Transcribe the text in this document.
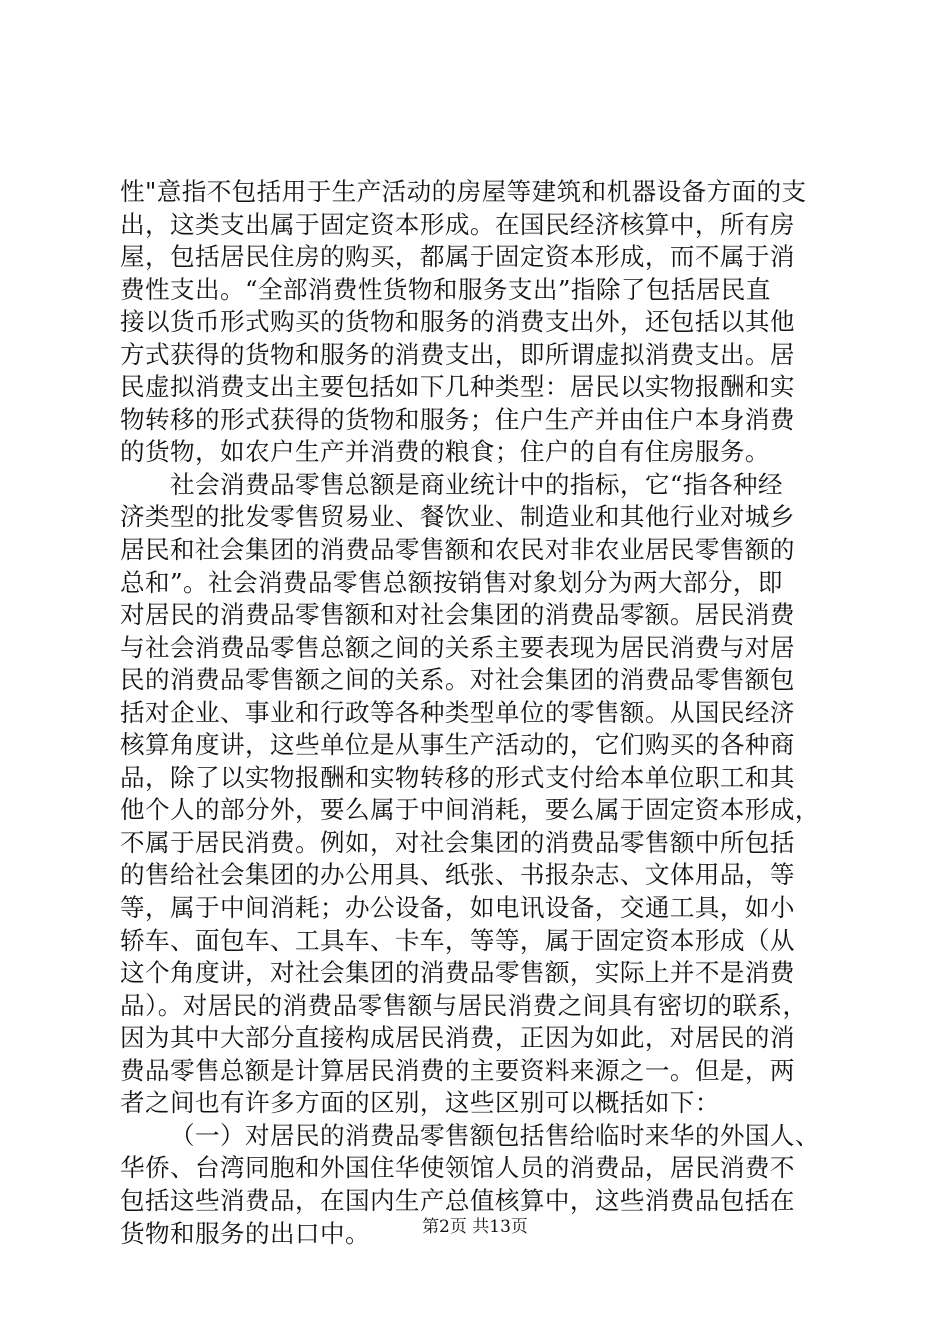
性"意指不包括用于生产活动的房屋等建筑和机器设备方面的支
出，这类支出属于固定资本形成。在国民经济核算中，所有房
屋，包括居民住房的购买，都属于固定资本形成，而不属于消
费性支出。“全部消费性货物和服务支出”指除了包括居民直
接以货币形式购买的货物和服务的消费支出外，还包括以其他
方式获得的货物和服务的消费支出，即所谓虚拟消费支出。居
民虚拟消费支出主要包括如下几种类型：居民以实物报酬和实
物转移的形式获得的货物和服务；住户生产并由住户本身消费
的货物，如农户生产并消费的粮食；住户的自有住房服务。
社会消费品零售总额是商业统计中的指标，它“指各种经
济类型的批发零售贸易业、餐饮业、制造业和其他行业对城乡
居民和社会集团的消费品零售额和农民对非农业居民零售额的
总和”。社会消费品零售总额按销售对象划分为两大部分，即
对居民的消费品零售额和对社会集团的消费品零额。居民消费
与社会消费品零售总额之间的关系主要表现为居民消费与对居
民的消费品零售额之间的关系。对社会集团的消费品零售额包
括对企业、事业和行政等各种类型单位的零售额。从国民经济
核算角度讲，这些单位是从事生产活动的，它们购买的各种商
品，除了以实物报酬和实物转移的形式支付给本单位职工和其
他个人的部分外，要么属于中间消耗，要么属于固定资本形成，
不属于居民消费。例如，对社会集团的消费品零售额中所包括
的售给社会集团的办公用具、纸张、书报杂志、文体用品，等
等，属于中间消耗；办公设备，如电讯设备，交通工具，如小
轿车、面包车、工具车、卡车，等等，属于固定资本形成（从
这个角度讲，对社会集团的消费品零售额，实际上并不是消费
品）。对居民的消费品零售额与居民消费之间具有密切的联系，
因为其中大部分直接构成居民消费，正因为如此，对居民的消
费品零售总额是计算居民消费的主要资料来源之一。但是，两
者之间也有许多方面的区别，这些区别可以概括如下：
（一）对居民的消费品零售额包括售给临时来华的外国人、
华侨、台湾同胞和外国住华使领馆人员的消费品，居民消费不
包括这些消费品，在国内生产总值核算中，这些消费品包括在
货物和服务的出口中。	第2页 共13页
